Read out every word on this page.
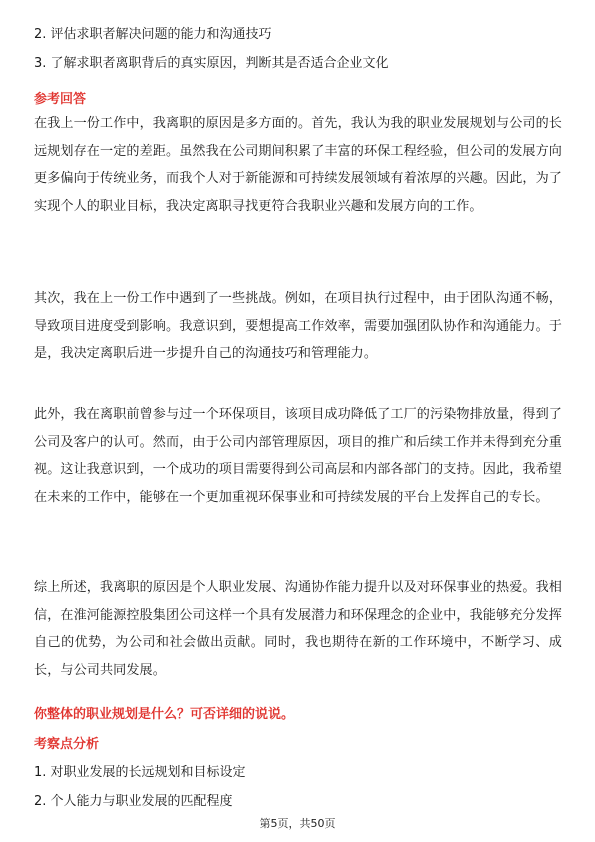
2. 评估求职者解决问题的能力和沟通技巧
3. 了解求职者离职背后的真实原因，判断其是否适合企业文化
参考回答

在我上一份工作中，我离职的原因是多方面的。首先，我认为我的职业发展规划与公司的长远规划存在一定的差距。虽然我在公司期间积累了丰富的环保工程经验，但公司的发展方向更多偏向于传统业务，而我个人对于新能源和可持续发展领域有着浓厚的兴趣。因此，为了实现个人的职业目标，我决定离职寻找更符合我职业兴趣和发展方向的工作。

其次，我在上一份工作中遇到了一些挑战。例如，在项目执行过程中，由于团队沟通不畅，导致项目进度受到影响。我意识到，要想提高工作效率，需要加强团队协作和沟通能力。于是，我决定离职后进一步提升自己的沟通技巧和管理能力。

此外，我在离职前曾参与过一个环保项目，该项目成功降低了工厂的污染物排放量，得到了公司及客户的认可。然而，由于公司内部管理原因，项目的推广和后续工作并未得到充分重视。这让我意识到，一个成功的项目需要得到公司高层和内部各部门的支持。因此，我希望在未来的工作中，能够在一个更加重视环保事业和可持续发展的平台上发挥自己的专长。

综上所述，我离职的原因是个人职业发展、沟通协作能力提升以及对环保事业的热爱。我相信，在淮河能源控股集团公司这样一个具有发展潜力和环保理念的企业中，我能够充分发挥自己的优势，为公司和社会做出贡献。同时，我也期待在新的工作环境中，不断学习、成长，与公司共同发展。

你整体的职业规划是什么？可否详细的说说。
考察点分析
1. 对职业发展的长远规划和目标设定
2. 个人能力与职业发展的匹配程度
第5页，共50页
